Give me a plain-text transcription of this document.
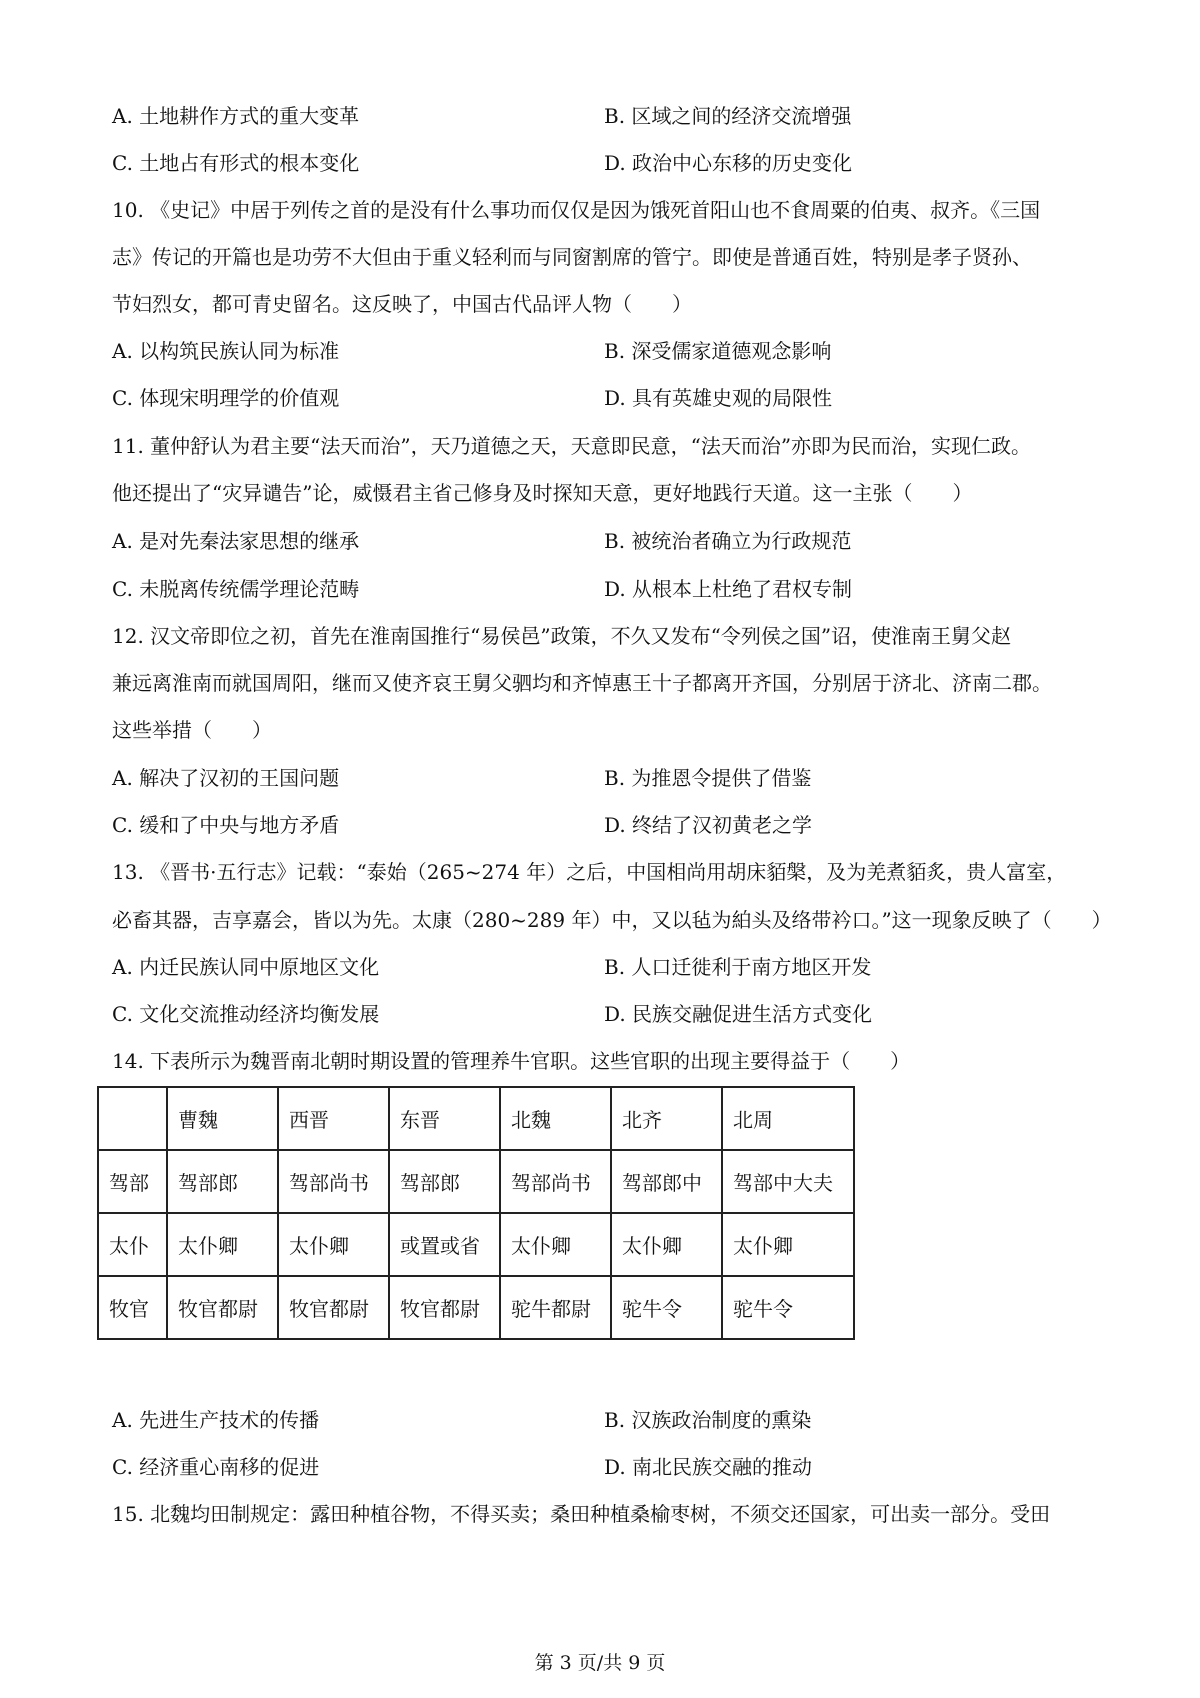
A. 土地耕作方式的重大变革	B. 区域之间的经济交流增强
C. 土地占有形式的根本变化	D. 政治中心东移的历史变化
10. 《史记》中居于列传之首的是没有什么事功而仅仅是因为饿死首阳山也不食周粟的伯夷、叔齐。《三国
志》传记的开篇也是功劳不大但由于重义轻利而与同窗割席的管宁。即使是普通百姓，特别是孝子贤孙、
节妇烈女，都可青史留名。这反映了，中国古代品评人物（　　）
A. 以构筑民族认同为标准	B. 深受儒家道德观念影响
C. 体现宋明理学的价值观	D. 具有英雄史观的局限性
11. 董仲舒认为君主要“法天而治”，天乃道德之天，天意即民意，“法天而治”亦即为民而治，实现仁政。
他还提出了“灾异谴告”论，威慑君主省己修身及时探知天意，更好地践行天道。这一主张（　　）
A. 是对先秦法家思想的继承	B. 被统治者确立为行政规范
C. 未脱离传统儒学理论范畴	D. 从根本上杜绝了君权专制
12. 汉文帝即位之初，首先在淮南国推行“易侯邑”政策，不久又发布“令列侯之国”诏，使淮南王舅父赵
兼远离淮南而就国周阳，继而又使齐哀王舅父驷均和齐悼惠王十子都离开齐国，分别居于济北、济南二郡。
这些举措（　　）
A. 解决了汉初的王国问题	B. 为推恩令提供了借鉴
C. 缓和了中央与地方矛盾	D. 终结了汉初黄老之学
13. 《晋书·五行志》记载：“泰始（265~274 年）之后，中国相尚用胡床貊槃，及为羌煮貊炙，贵人富室，
必畜其器，吉享嘉会，皆以为先。太康（280~289 年）中，又以毡为絈头及络带衿口。”这一现象反映了（　　）
A. 内迁民族认同中原地区文化	B. 人口迁徙利于南方地区开发
C. 文化交流推动经济均衡发展	D. 民族交融促进生活方式变化
14. 下表所示为魏晋南北朝时期设置的管理养牛官职。这些官职的出现主要得益于（　　）
	曹魏	西晋	东晋	北魏	北齐	北周
驾部	驾部郎	驾部尚书	驾部郎	驾部尚书	驾部郎中	驾部中大夫
太仆	太仆卿	太仆卿	或置或省	太仆卿	太仆卿	太仆卿
牧官	牧官都尉	牧官都尉	牧官都尉	驼牛都尉	驼牛令	驼牛令
A. 先进生产技术的传播	B. 汉族政治制度的熏染
C. 经济重心南移的促进	D. 南北民族交融的推动
15. 北魏均田制规定：露田种植谷物，不得买卖；桑田种植桑榆枣树，不须交还国家，可出卖一部分。受田
第 3 页/共 9 页
